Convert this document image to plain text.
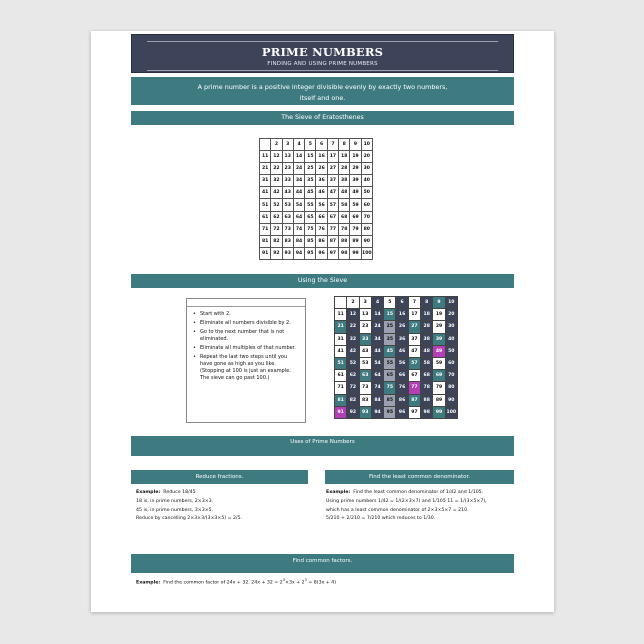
PRIME NUMBERS
FINDING AND USING PRIME NUMBERS
A prime number is a positive integer divisible evenly by exactly two numbers,
itself and one.
The Sieve of Eratosthenes
	2	3	4	5	6	7	8	9	10
11	12	13	14	15	16	17	18	19	20
21	22	23	24	25	26	27	28	29	30
31	32	33	34	35	36	37	38	39	40
41	42	43	44	45	46	47	48	49	50
51	52	53	54	55	56	57	58	59	60
61	62	63	64	65	66	67	68	69	70
71	72	73	74	75	76	77	78	79	80
81	82	83	84	85	86	87	88	89	90
91	92	93	94	95	96	97	98	99	100
Using the Sieve
• Start with 2.
• Eliminate all numbers divisible by 2.
• Go to the next number that is not eliminated.
• Eliminate all multiples of that number.
• Repeat the last two steps until you have gone as high as you like. (Stopping at 100 is just an example. The sieve can go past 100.)
	2	3	4	5	6	7	8	9	10
11	12	13	14	15	16	17	18	19	20
21	22	23	24	25	26	27	28	29	30
31	32	33	34	35	36	37	38	39	40
41	42	43	44	45	46	47	48	49	50
51	52	53	54	55	56	57	58	59	60
61	62	63	64	65	66	67	68	69	70
71	72	73	74	75	76	77	78	79	80
81	82	83	84	85	86	87	88	89	90
91	92	93	94	95	96	97	98	99	100
Uses of Prime Numbers
Reduce fractions.
Example: Reduce 18/45
18 is, in prime numbers, 2×3×3.
45 is, in prime numbers, 3×3×5.
Reduce by cancelling 2×3×3/(3×3×5) = 2/5.
Find the least common denominator.
Example: Find the least common denominator of 1/42 and 1/105.
Using prime numbers 1/42 = 1/(2×3×7) and 1/105 11 = 1/(3×5×7),
which has a least common denominator of 2×3×5×7 = 210.
5/210 + 2/210 = 7/210 which reduces to 1/30.
Find common factors.
Example: Find the common factor of 24x + 32. $24x + 32 = 2^3\times 3x + 2^3 = 8(3x + 4)$
